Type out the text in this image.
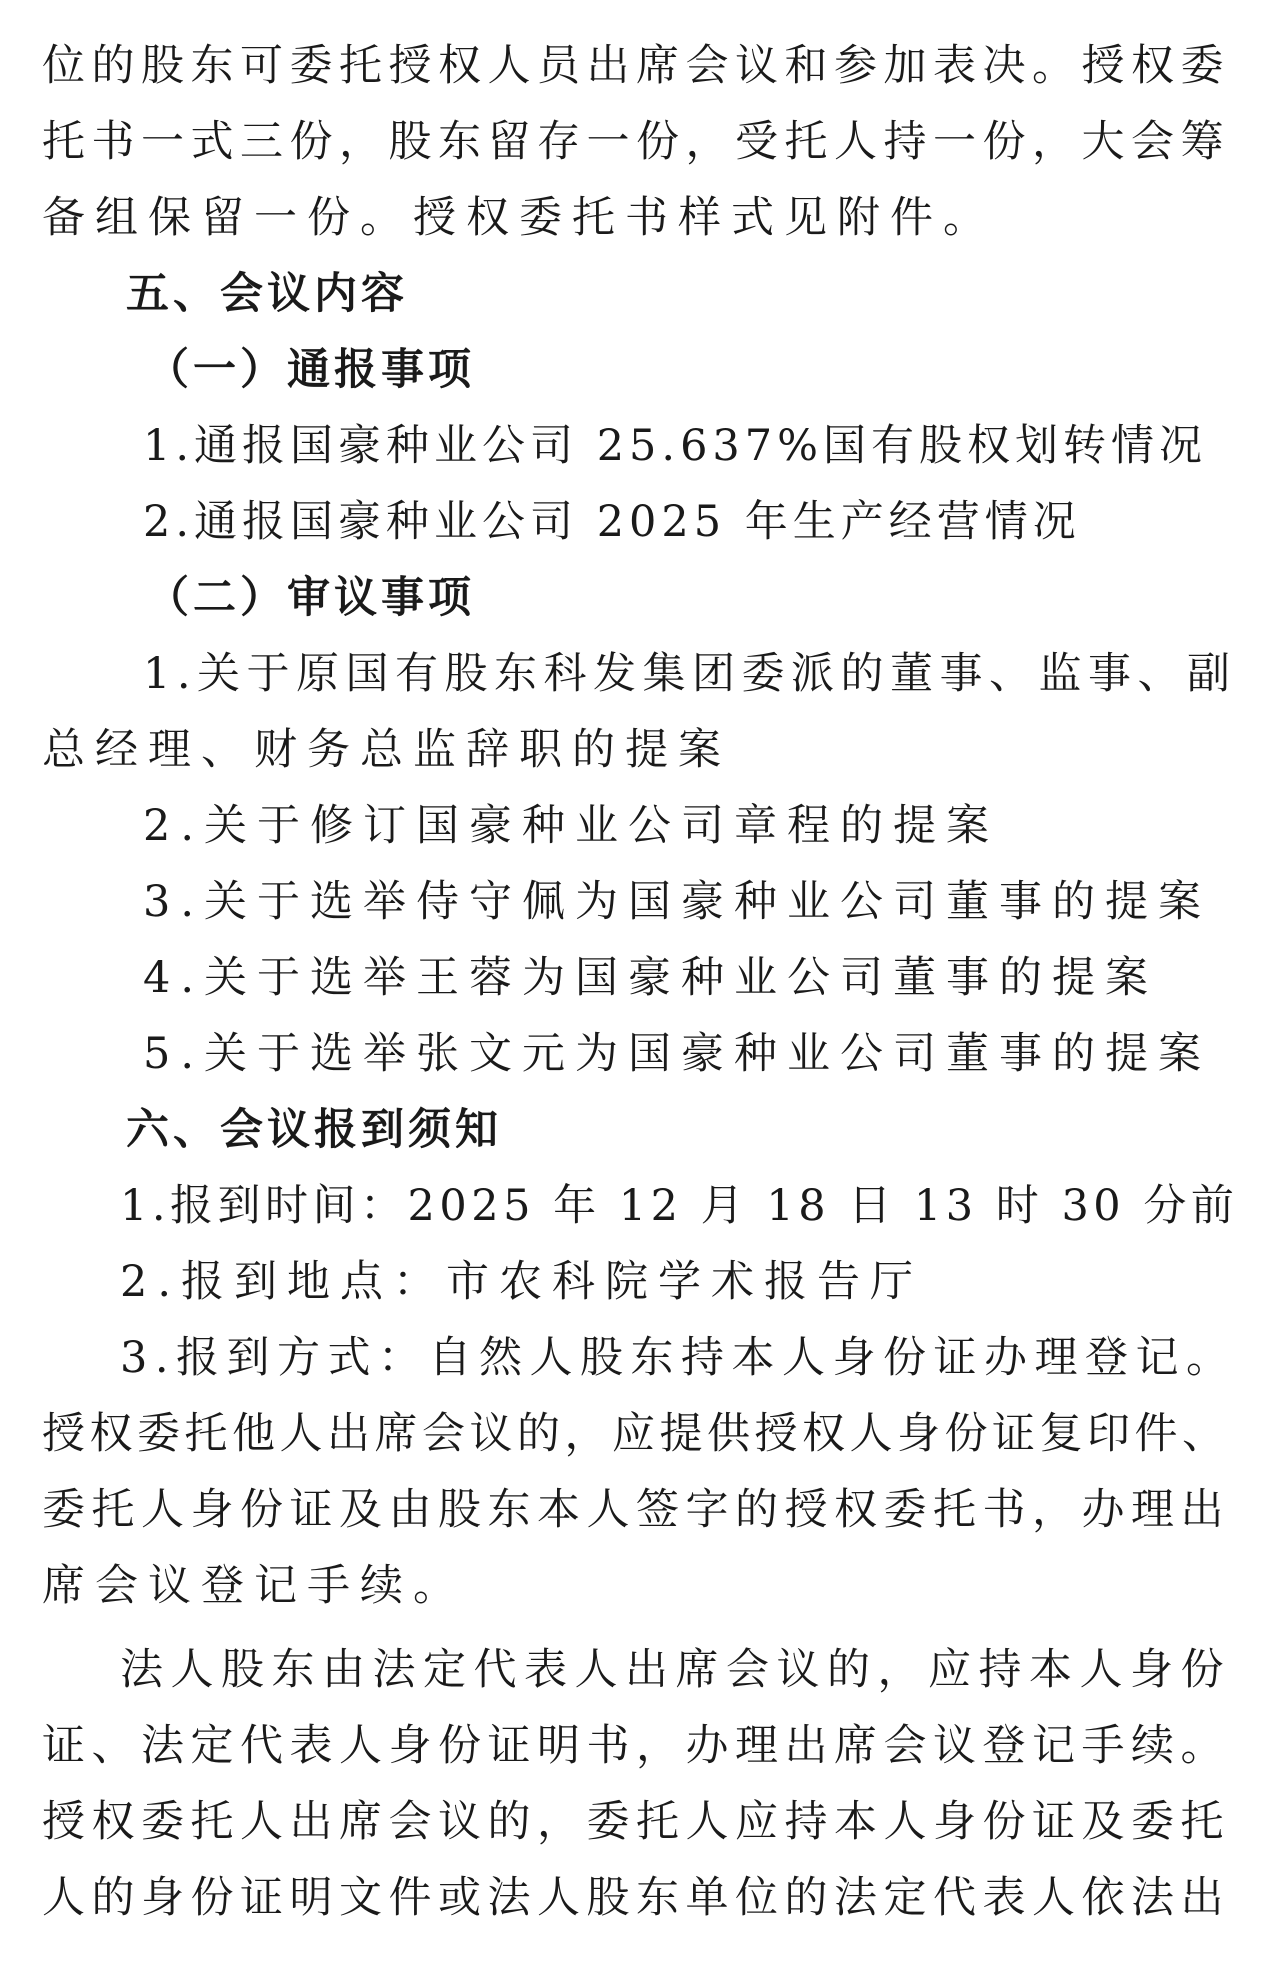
位的股东可委托授权人员出席会议和参加表决。授权委
托书一式三份，股东留存一份，受托人持一份，大会筹
备组保留一份。授权委托书样式见附件。
五、会议内容
（一）通报事项
1.通报国豪种业公司 25.637%国有股权划转情况
2.通报国豪种业公司 2025 年生产经营情况
（二）审议事项
1.关于原国有股东科发集团委派的董事、监事、副
总经理、财务总监辞职的提案
2.关于修订国豪种业公司章程的提案
3.关于选举侍守佩为国豪种业公司董事的提案
4.关于选举王蓉为国豪种业公司董事的提案
5.关于选举张文元为国豪种业公司董事的提案
六、会议报到须知
1.报到时间：2025 年 12 月 18 日 13 时 30 分前
2.报到地点：市农科院学术报告厅
3.报到方式：自然人股东持本人身份证办理登记。
授权委托他人出席会议的，应提供授权人身份证复印件、
委托人身份证及由股东本人签字的授权委托书，办理出
席会议登记手续。
法人股东由法定代表人出席会议的，应持本人身份
证、法定代表人身份证明书，办理出席会议登记手续。
授权委托人出席会议的，委托人应持本人身份证及委托
人的身份证明文件或法人股东单位的法定代表人依法出
